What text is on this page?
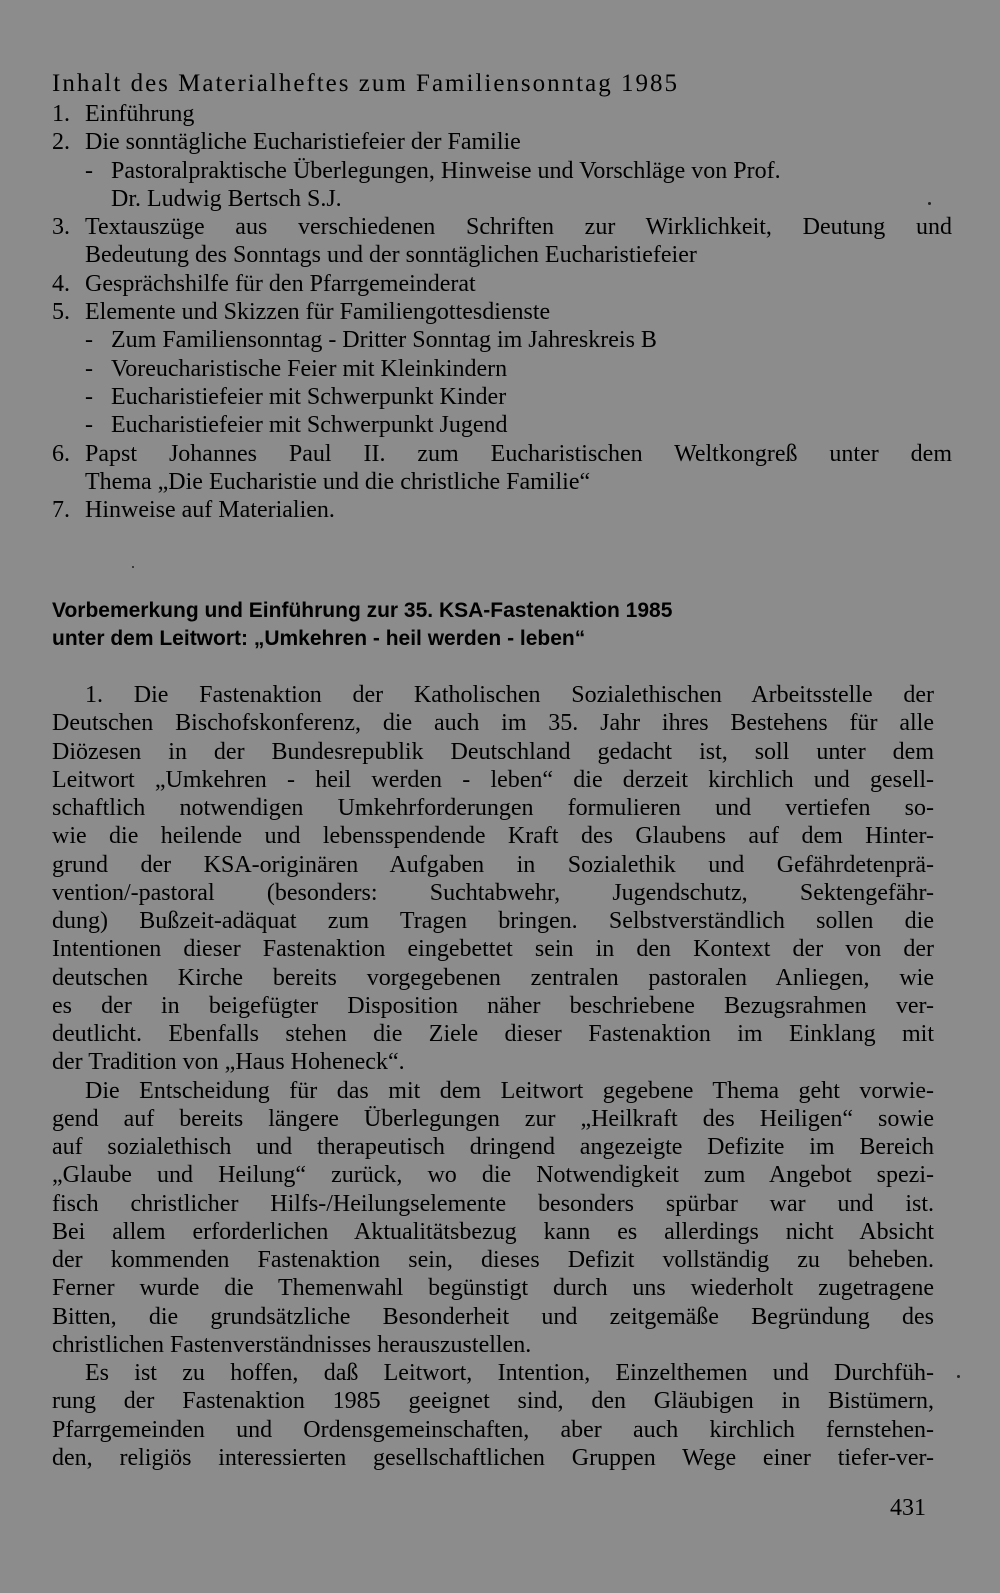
Inhalt des Materialheftes zum Familiensonntag 1985
1. Einführung
2. Die sonntägliche Eucharistiefeier der Familie
- Pastoralpraktische Überlegungen, Hinweise und Vorschläge von Prof.
Dr. Ludwig Bertsch S.J.
3. Textauszüge aus verschiedenen Schriften zur Wirklichkeit, Deutung und
Bedeutung des Sonntags und der sonntäglichen Eucharistiefeier
4. Gesprächshilfe für den Pfarrgemeinderat
5. Elemente und Skizzen für Familiengottesdienste
- Zum Familiensonntag - Dritter Sonntag im Jahreskreis B
- Voreucharistische Feier mit Kleinkindern
- Eucharistiefeier mit Schwerpunkt Kinder
- Eucharistiefeier mit Schwerpunkt Jugend
6. Papst Johannes Paul II. zum Eucharistischen Weltkongreß unter dem
Thema „Die Eucharistie und die christliche Familie“
7. Hinweise auf Materialien.
Vorbemerkung und Einführung zur 35. KSA-Fastenaktion 1985
unter dem Leitwort: „Umkehren - heil werden - leben“
1. Die Fastenaktion der Katholischen Sozialethischen Arbeitsstelle der
Deutschen Bischofskonferenz, die auch im 35. Jahr ihres Bestehens für alle
Diözesen in der Bundesrepublik Deutschland gedacht ist, soll unter dem
Leitwort „Umkehren - heil werden - leben“ die derzeit kirchlich und gesell-
schaftlich notwendigen Umkehrforderungen formulieren und vertiefen so-
wie die heilende und lebensspendende Kraft des Glaubens auf dem Hinter-
grund der KSA-originären Aufgaben in Sozialethik und Gefährdetenprä-
vention/-pastoral (besonders: Suchtabwehr, Jugendschutz, Sektengefähr-
dung) Bußzeit-adäquat zum Tragen bringen. Selbstverständlich sollen die
Intentionen dieser Fastenaktion eingebettet sein in den Kontext der von der
deutschen Kirche bereits vorgegebenen zentralen pastoralen Anliegen, wie
es der in beigefügter Disposition näher beschriebene Bezugsrahmen ver-
deutlicht. Ebenfalls stehen die Ziele dieser Fastenaktion im Einklang mit
der Tradition von „Haus Hoheneck“.
Die Entscheidung für das mit dem Leitwort gegebene Thema geht vorwie-
gend auf bereits längere Überlegungen zur „Heilkraft des Heiligen“ sowie
auf sozialethisch und therapeutisch dringend angezeigte Defizite im Bereich
„Glaube und Heilung“ zurück, wo die Notwendigkeit zum Angebot spezi-
fisch christlicher Hilfs-/Heilungselemente besonders spürbar war und ist.
Bei allem erforderlichen Aktualitätsbezug kann es allerdings nicht Absicht
der kommenden Fastenaktion sein, dieses Defizit vollständig zu beheben.
Ferner wurde die Themenwahl begünstigt durch uns wiederholt zugetragene
Bitten, die grundsätzliche Besonderheit und zeitgemäße Begründung des
christlichen Fastenverständnisses herauszustellen.
Es ist zu hoffen, daß Leitwort, Intention, Einzelthemen und Durchfüh-
rung der Fastenaktion 1985 geeignet sind, den Gläubigen in Bistümern,
Pfarrgemeinden und Ordensgemeinschaften, aber auch kirchlich fernstehen-
den, religiös interessierten gesellschaftlichen Gruppen Wege einer tiefer-ver-
431
